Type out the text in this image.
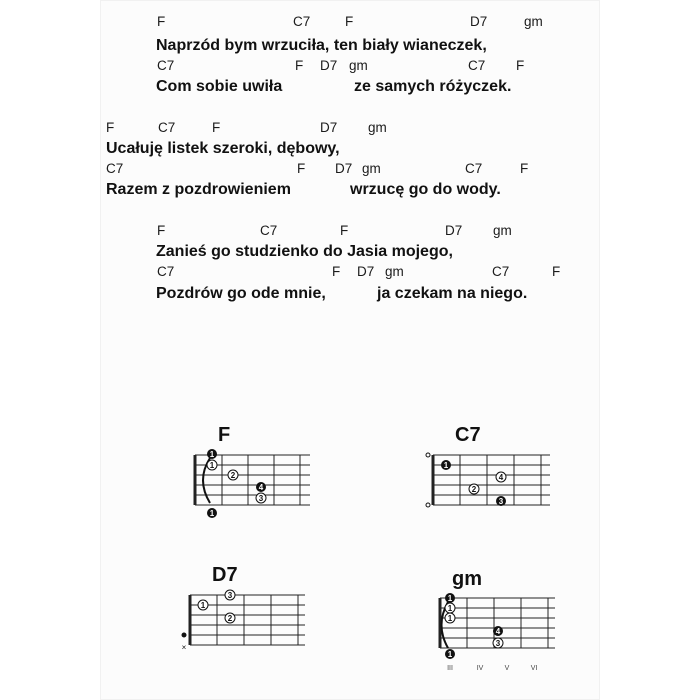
F	C7	F	D7	gm
Naprzód bym wrzuciła, ten biały wianeczek,
C7	F D7 gm	C7 F
Com sobie uwiła	ze samych różyczek.
F	C7	F	D7 gm
Ucałuję listek szeroki, dębowy,
C7	F D7 gm	C7	F
Razem z pozdrowieniem	wrzucę go do wody.
F	C7	F	D7 gm
Zanieś go studzienko do Jasia mojego,
C7	F D7 gm	C7	F
Pozdrów go ode mnie,	ja czekam na niego.
F
1
1
2
4
3
1
C7
1
4
2
3
D7
×
3
1
2
gm
1
1
1
1
4
3
III	IV	V	VI
